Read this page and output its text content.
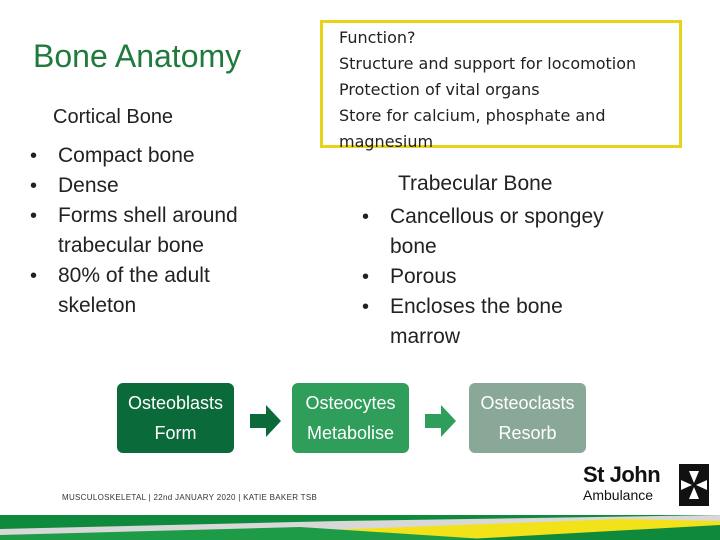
Bone Anatomy
Function?
Structure and support for locomotion
Protection of vital organs
Store for calcium, phosphate and
magnesium
Cortical Bone
• Compact bone
• Dense
• Forms shell around
trabecular bone
• 80% of the adult
skeleton
Trabecular Bone
• Cancellous or spongey
bone
• Porous
• Encloses the bone
marrow
Osteoblasts
Form
Osteocytes
Metabolise
Osteoclasts
Resorb
MUSCULOSKELETAL | 22nd JANUARY 2020 | KATIE BAKER TSB
St John
Ambulance
